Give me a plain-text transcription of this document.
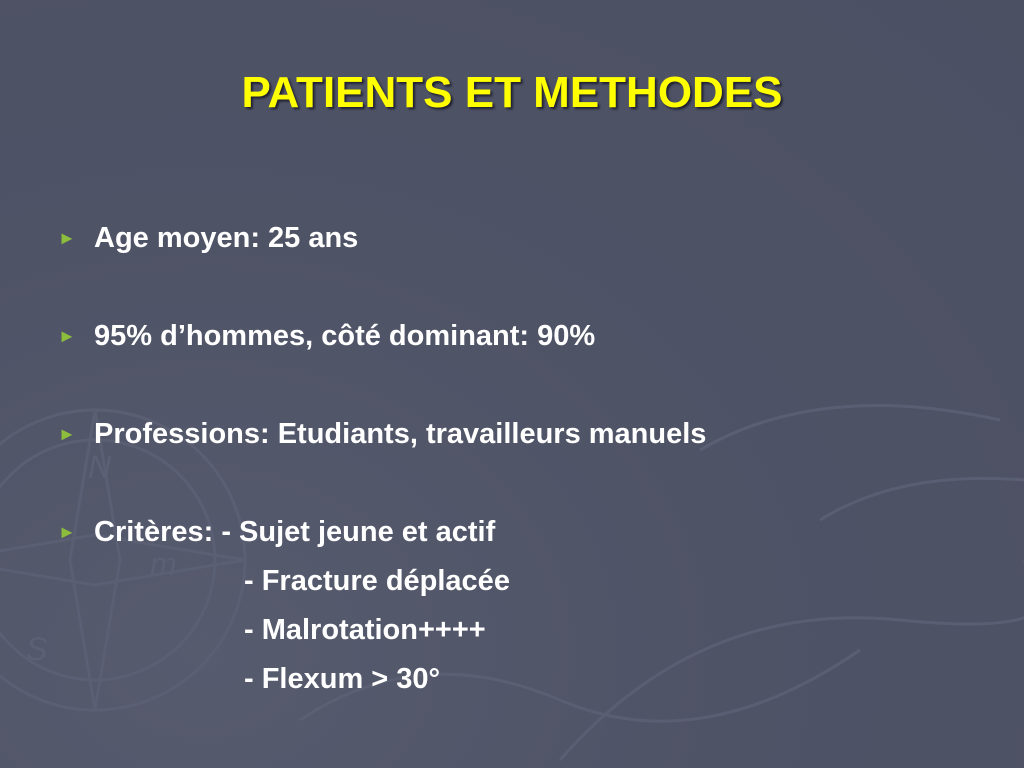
N
S
m
PATIENTS ET METHODES
► Age moyen: 25 ans
► 95% d’hommes, côté dominant: 90%
► Professions: Etudiants, travailleurs manuels
► Critères: - Sujet jeune et actif
- Fracture déplacée
- Malrotation++++
- Flexum > 30°
